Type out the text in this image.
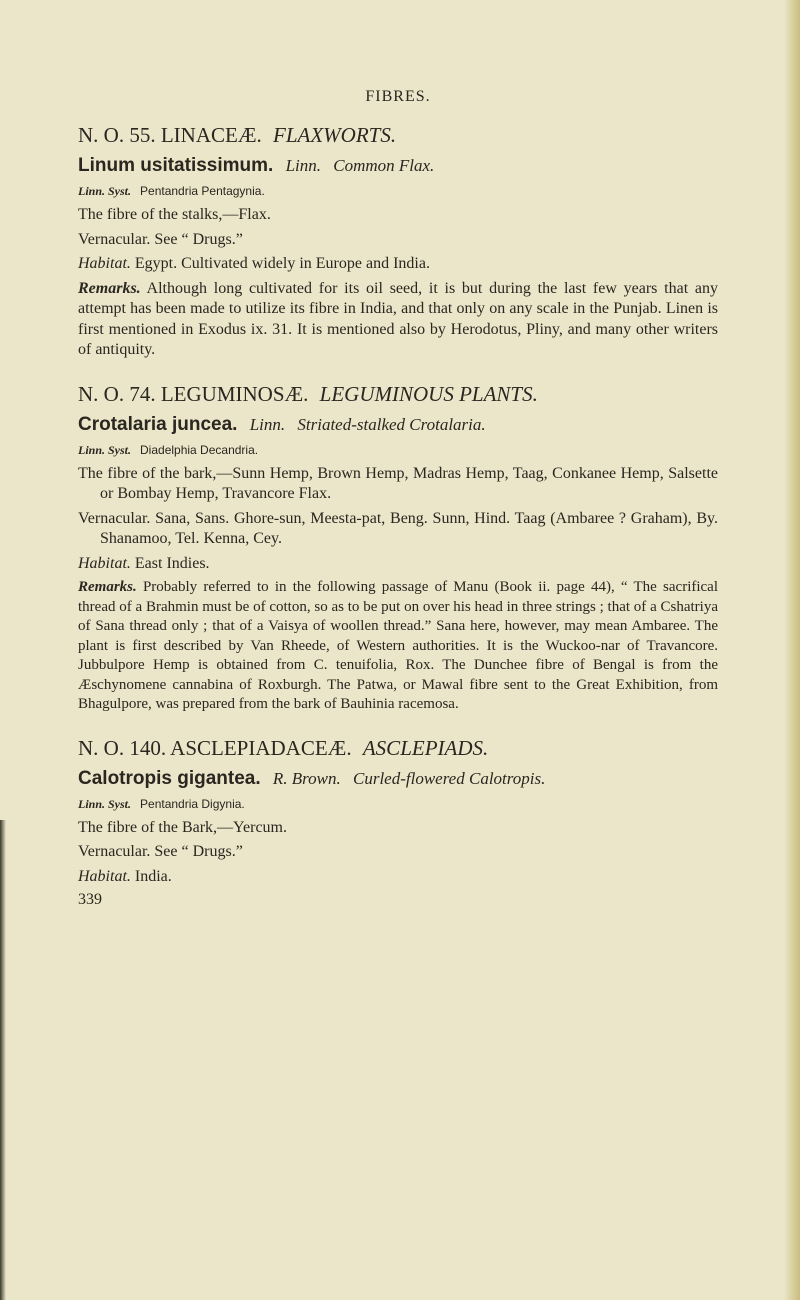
FIBRES.
N. O. 55. LINACEÆ. FLAXWORTS.
Linum usitatissimum. Linn. Common Flax.
Linn. Syst. Pentandria Pentagynia.

The fibre of the stalks,—Flax.

Vernacular. See “ Drugs.”

Habitat. Egypt. Cultivated widely in Europe and India.

Remarks. Although long cultivated for its oil seed, it is but during the last few years that any attempt has been made to utilize its fibre in India, and that only on any scale in the Punjab. Linen is first mentioned in Exodus ix. 31. It is mentioned also by Herodotus, Pliny, and many other writers of antiquity.

N. O. 74. LEGUMINOSÆ. LEGUMINOUS PLANTS.
Crotalaria juncea. Linn. Striated-stalked Crotalaria.
Linn. Syst. Diadelphia Decandria.

The fibre of the bark,—Sunn Hemp, Brown Hemp, Madras Hemp, Taag, Conkanee Hemp, Salsette or Bombay Hemp, Travancore Flax.

Vernacular. Sana, Sans. Ghore-sun, Meesta-pat, Beng. Sunn, Hind. Taag (Ambaree ? Graham), By. Shanamoo, Tel. Kenna, Cey.

Habitat. East Indies.

Remarks. Probably referred to in the following passage of Manu (Book ii. page 44), “ The sacrifical thread of a Brahmin must be of cotton, so as to be put on over his head in three strings ; that of a Cshatriya of Sana thread only ; that of a Vaisya of woollen thread.” Sana here, however, may mean Ambaree. The plant is first described by Van Rheede, of Western authorities. It is the Wuckoo-nar of Travancore. Jubbulpore Hemp is obtained from C. tenuifolia, Rox. The Dunchee fibre of Bengal is from the Æschynomene cannabina of Roxburgh. The Patwa, or Mawal fibre sent to the Great Exhibition, from Bhagulpore, was prepared from the bark of Bauhinia racemosa.

N. O. 140. ASCLEPIADACEÆ. ASCLEPIADS.
Calotropis gigantea. R. Brown. Curled-flowered Calotropis.
Linn. Syst. Pentandria Digynia.

The fibre of the Bark,—Yercum.

Vernacular. See “ Drugs.”

Habitat. India.

339
